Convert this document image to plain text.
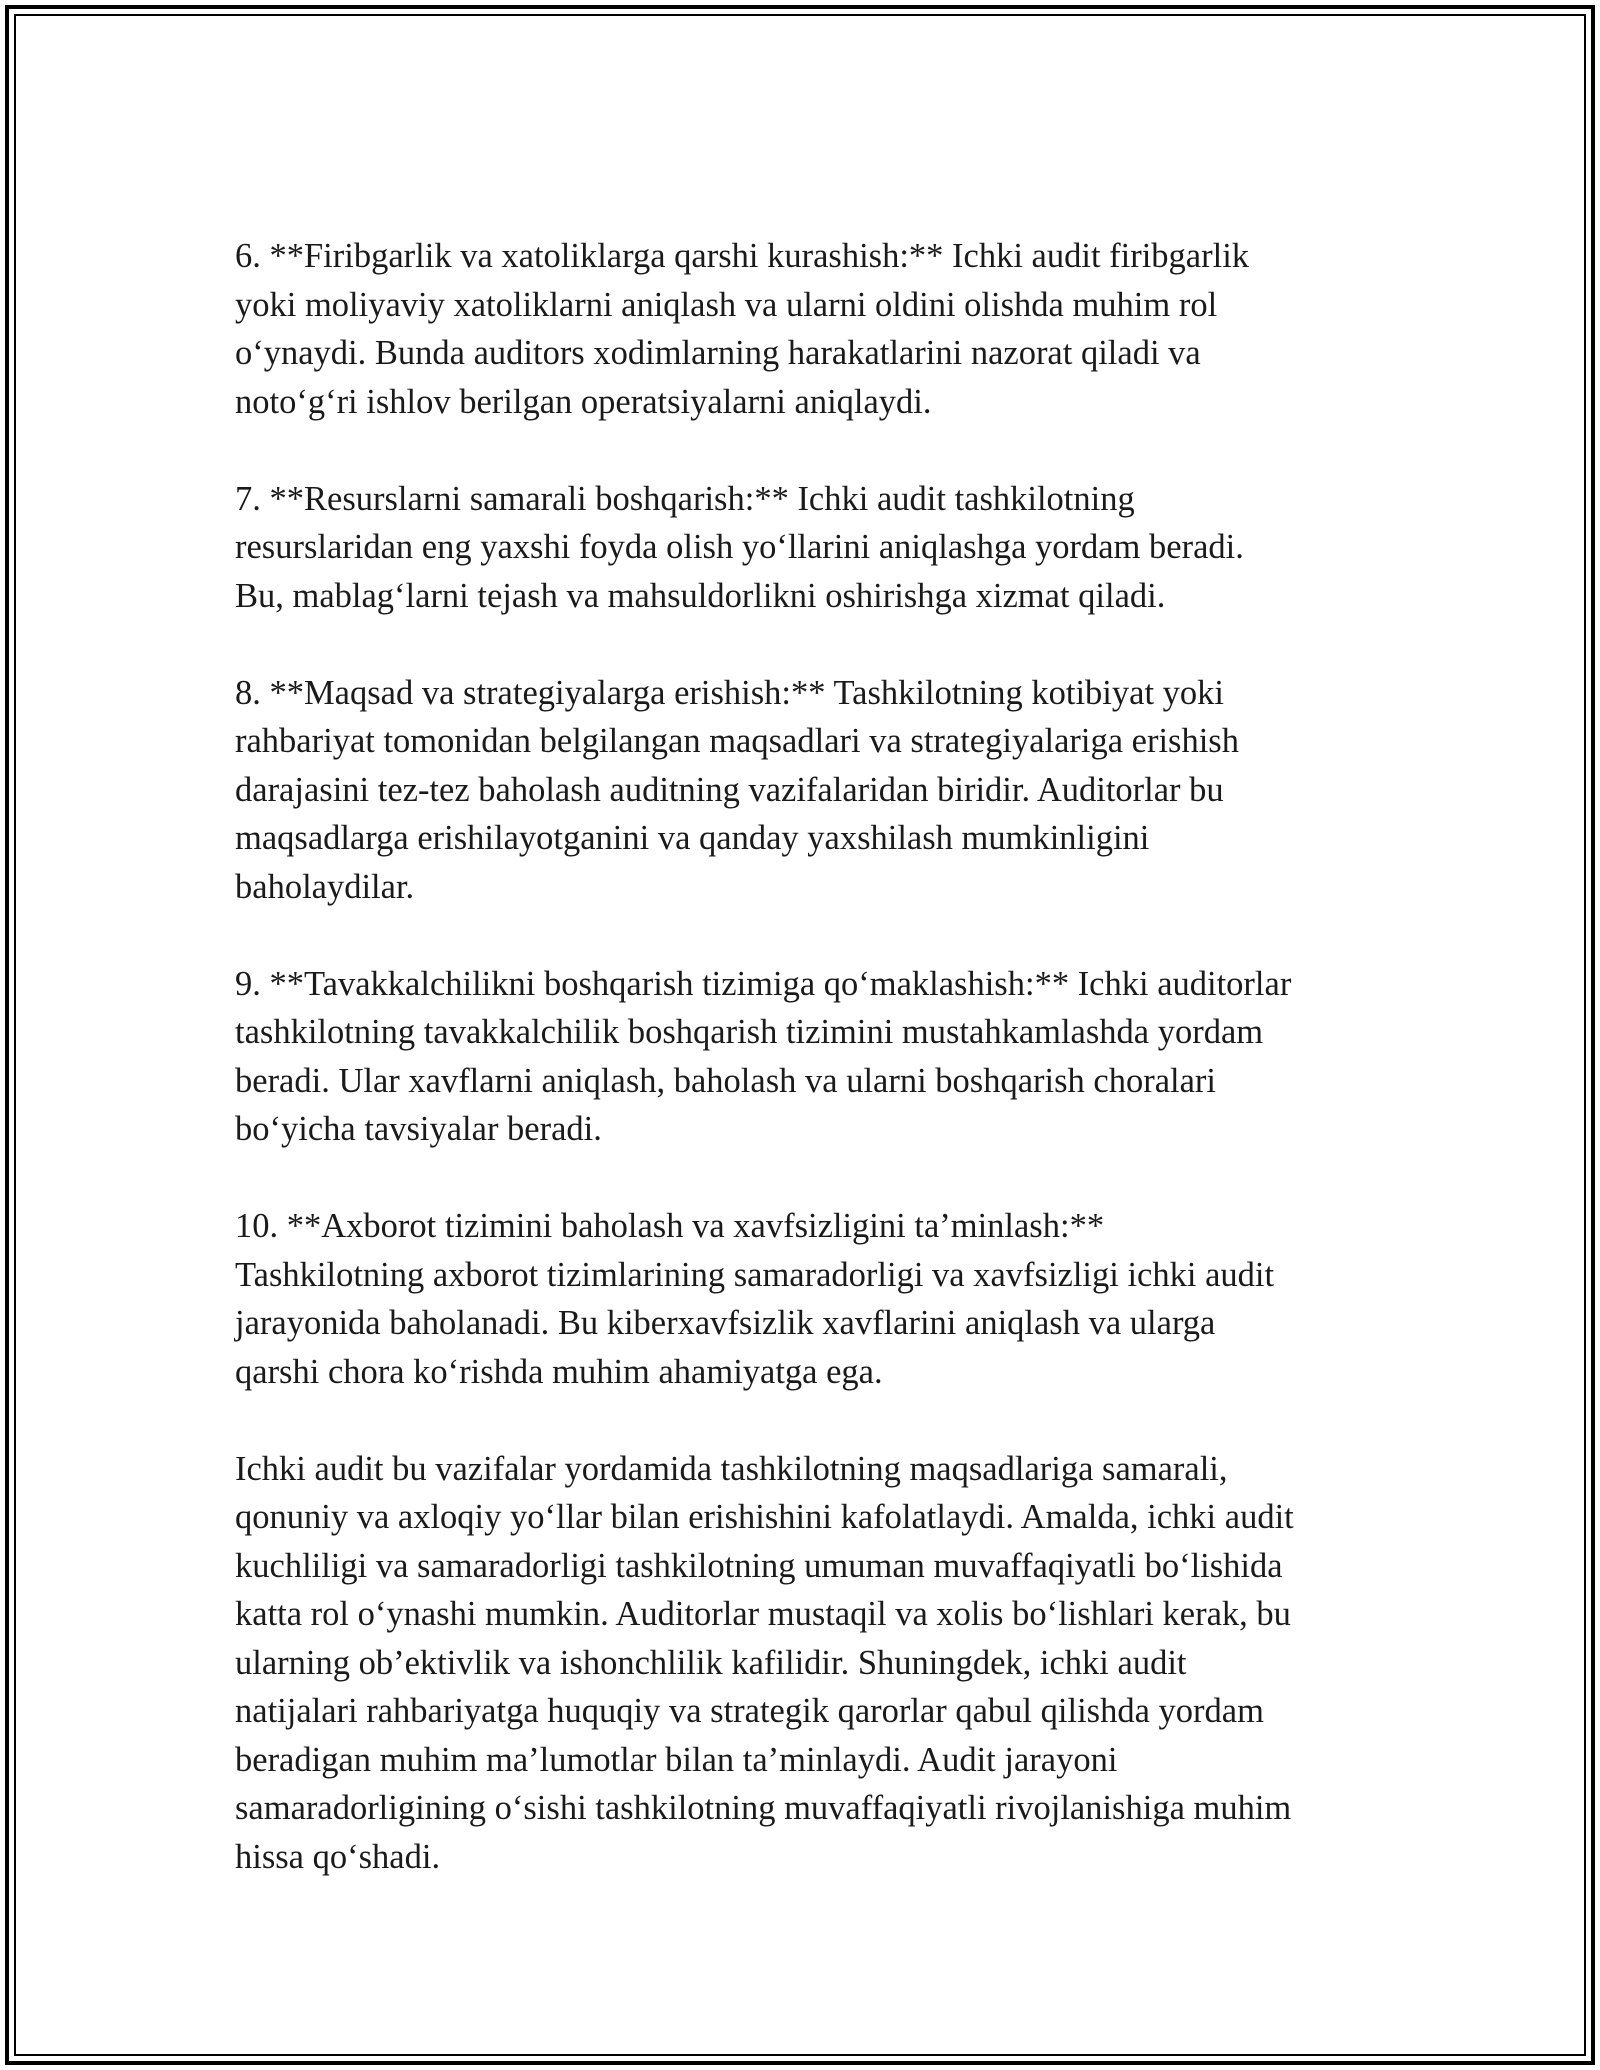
6. **Firibgarlik va xatoliklarga qarshi kurashish:** Ichki audit firibgarlik
yoki moliyaviy xatoliklarni aniqlash va ularni oldini olishda muhim rol
o‘ynaydi. Bunda auditors xodimlarning harakatlarini nazorat qiladi va
noto‘g‘ri ishlov berilgan operatsiyalarni aniqlaydi.

7. **Resurslarni samarali boshqarish:** Ichki audit tashkilotning
resurslaridan eng yaxshi foyda olish yo‘llarini aniqlashga yordam beradi.
Bu, mablag‘larni tejash va mahsuldorlikni oshirishga xizmat qiladi.

8. **Maqsad va strategiyalarga erishish:** Tashkilotning kotibiyat yoki
rahbariyat tomonidan belgilangan maqsadlari va strategiyalariga erishish
darajasini tez-tez baholash auditning vazifalaridan biridir. Auditorlar bu
maqsadlarga erishilayotganini va qanday yaxshilash mumkinligini
baholaydilar.

9. **Tavakkalchilikni boshqarish tizimiga qo‘maklashish:** Ichki auditorlar
tashkilotning tavakkalchilik boshqarish tizimini mustahkamlashda yordam
beradi. Ular xavflarni aniqlash, baholash va ularni boshqarish choralari
bo‘yicha tavsiyalar beradi.

10. **Axborot tizimini baholash va xavfsizligini ta’minlash:**
Tashkilotning axborot tizimlarining samaradorligi va xavfsizligi ichki audit
jarayonida baholanadi. Bu kiberxavfsizlik xavflarini aniqlash va ularga
qarshi chora ko‘rishda muhim ahamiyatga ega.

Ichki audit bu vazifalar yordamida tashkilotning maqsadlariga samarali,
qonuniy va axloqiy yo‘llar bilan erishishini kafolatlaydi. Amalda, ichki audit
kuchliligi va samaradorligi tashkilotning umuman muvaffaqiyatli bo‘lishida
katta rol o‘ynashi mumkin. Auditorlar mustaqil va xolis bo‘lishlari kerak, bu
ularning ob’ektivlik va ishonchlilik kafilidir. Shuningdek, ichki audit
natijalari rahbariyatga huquqiy va strategik qarorlar qabul qilishda yordam
beradigan muhim ma’lumotlar bilan ta’minlaydi. Audit jarayoni
samaradorligining o‘sishi tashkilotning muvaffaqiyatli rivojlanishiga muhim
hissa qo‘shadi.
